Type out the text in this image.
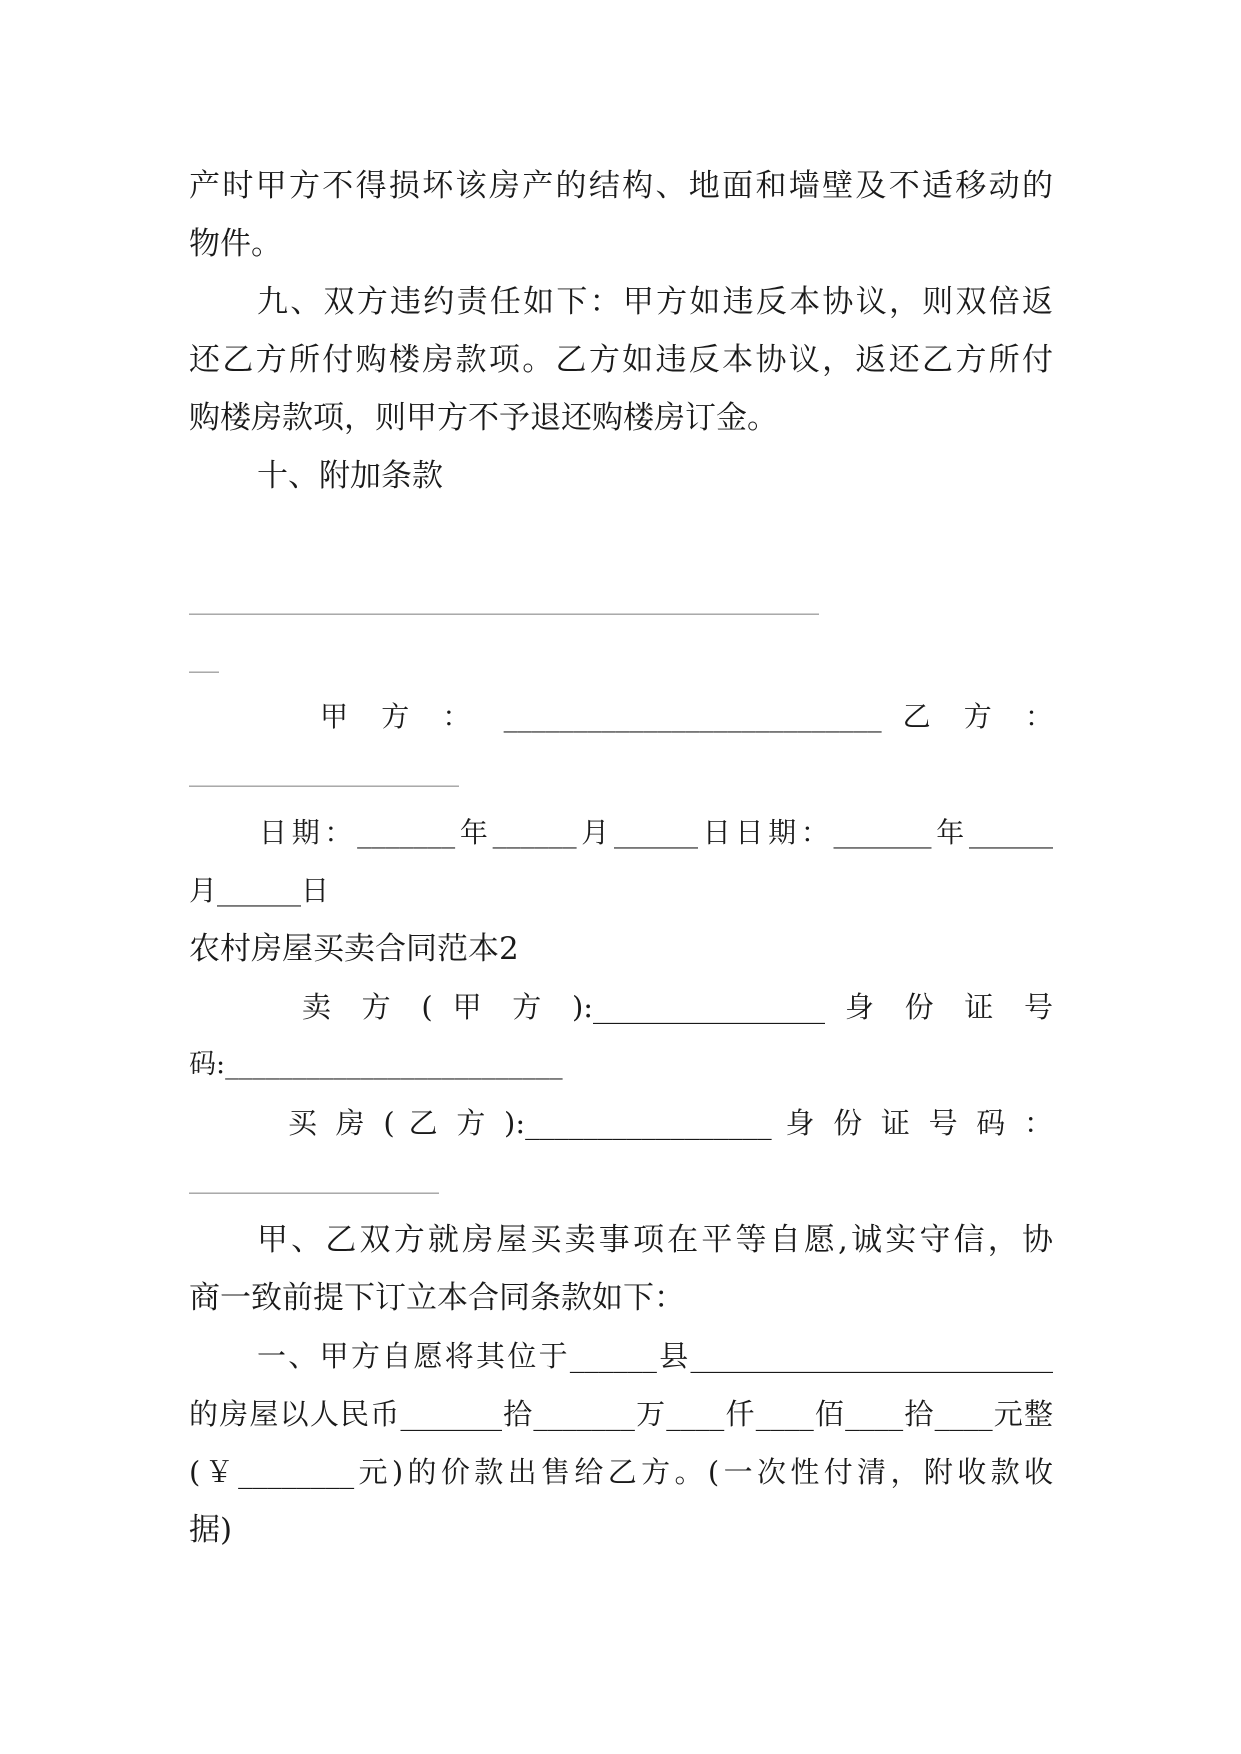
产时甲方不得损坏该房产的结构、地面和墙壁及不适移动的

物件。

九、双方违约责任如下：甲方如违反本协议，则双倍返

还乙方所付购楼房款项。乙方如违反本协议，返还乙方所付

购楼房款项，则甲方不予退还购楼房订金。

十、附加条款

_______________________________________________________________

___

甲 方 ： ___________________________ 乙 方 ：

___________________________

日期：_______年______月______日日期：_______年______

月______日

农村房屋买卖合同范本2

卖 方 ( 甲 方 ):________________ 身 份 证 号

码:_________________________

买 房 ( 乙 方 ):_________________ 身 份 证 号 码 ：

_________________________

甲、乙双方就房屋买卖事项在平等自愿,诚实守信，协

商一致前提下订立本合同条款如下：

一、甲方自愿将其位于______县_________________________

的房屋以人民币_______拾_______万____仟____佰____拾____元整

(￥________元)的价款出售给乙方。(一次性付清，附收款收

据)
